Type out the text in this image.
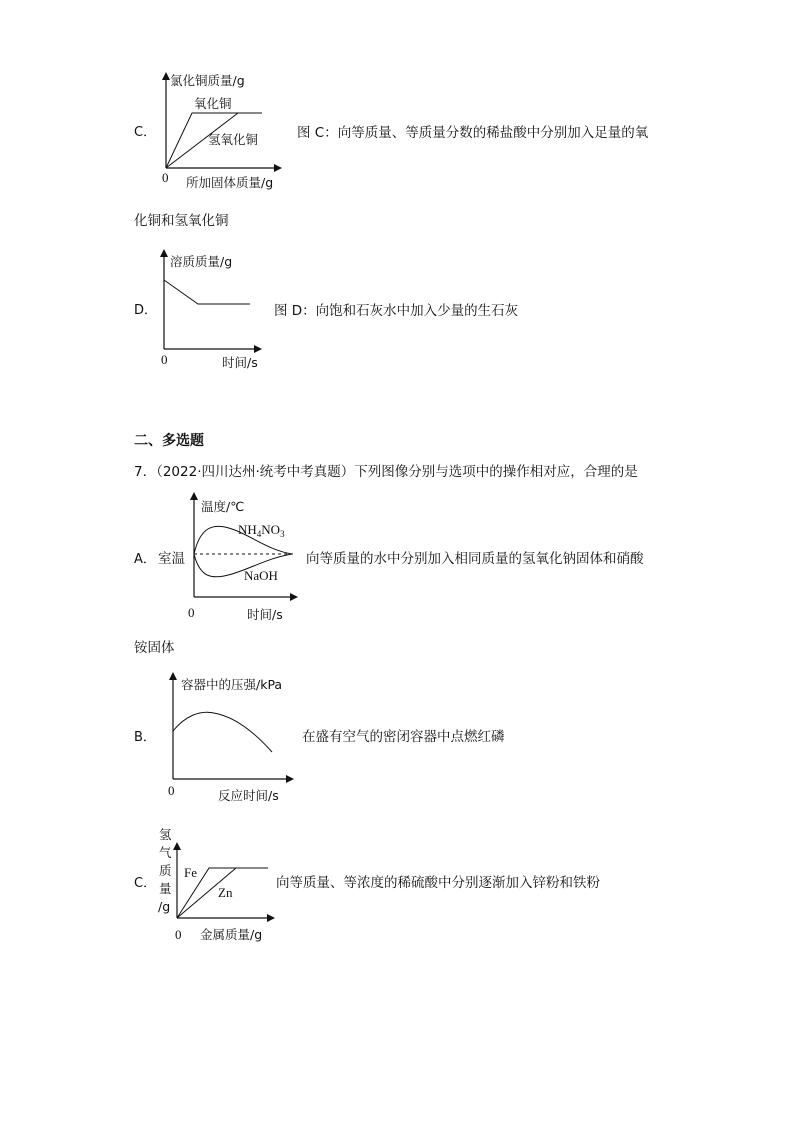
C．
氯化铜质量/g
氧化铜
氢氧化铜
0 所加固体质量/g
图 C：向等质量、等质量分数的稀盐酸中分别加入足量的氧
化铜和氢氧化铜
D．
溶质质量/g
0	时间/s
图 D：向饱和石灰水中加入少量的生石灰
二、多选题
7．（2022·四川达州·统考中考真题）下列图像分别与选项中的操作相对应，合理的是
A． 室温
温度/℃
$NH_4NO_3$
NaOH
0	时间/s
向等质量的水中分别加入相同质量的氢氧化钠固体和硝酸
铵固体
B．
容器中的压强/kPa
0	反应时间/s
在盛有空气的密闭容器中点燃红磷
C．
氢
气
质
量
/g
Fe
Zn
0 金属质量/g
向等质量、等浓度的稀硫酸中分别逐渐加入锌粉和铁粉
